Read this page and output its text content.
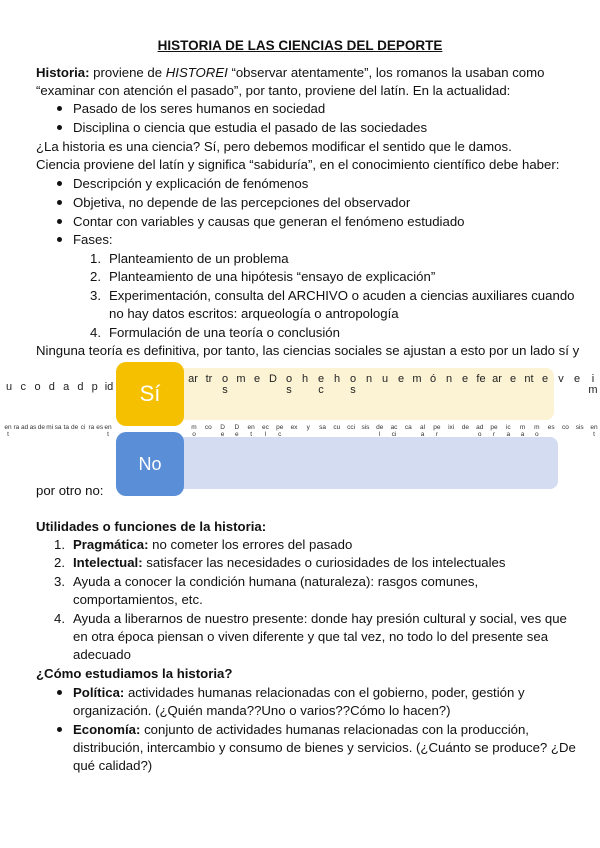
HISTORIA DE LAS CIENCIAS DEL DEPORTE
Historia: proviene de HISTOREI “observar atentamente”, los romanos la usaban como
“examinar con atención el pasado”, por tanto, proviene del latín. En la actualidad:
Pasado de los seres humanos en sociedad
Disciplina o ciencia que estudia el pasado de las sociedades
¿La historia es una ciencia? Sí, pero debemos modificar el sentido que le damos.
Ciencia proviene del latín y significa “sabiduría”, en el conocimiento científico debe haber:
Descripción y explicación de fenómenos
Objetiva, no depende de las percepciones del observador
Contar con variables y causas que generan el fenómeno estudiado
Fases:
1. Planteamiento de un problema
2. Planteamiento de una hipótesis “ensayo de explicación”
3. Experimentación, consulta del ARCHIVO o acuden a ciencias auxiliares cuando
no hay datos escritos: arqueología o antropología
4. Formulación de una teoría o conclusión
Ninguna teoría es definitiva, por tanto, las ciencias sociales se ajustan a esto por un lado sí y
Sí
No
u c o d a d p id
ar tr os
m e D os
h ec
h os
n u e m ó n e fe ar e nt e v e	im
ent
ra ad as de mi sa ta de ci ra es ent
mo
co De
De
ent
ecl
pec
ex	y	sa cu cci sis del
acci
ca ala
per
ixi de ado
per
ica
ma
mo
es co sis ent
por otro no:
Utilidades o funciones de la historia:
1. Pragmática: no cometer los errores del pasado
2. Intelectual: satisfacer las necesidades o curiosidades de los intelectuales
3. Ayuda a conocer la condición humana (naturaleza): rasgos comunes,
comportamientos, etc.
4. Ayuda a liberarnos de nuestro presente: donde hay presión cultural y social, ves que
en otra época piensan o viven diferente y que tal vez, no todo lo del presente sea
adecuado
¿Cómo estudiamos la historia?
Política: actividades humanas relacionadas con el gobierno, poder, gestión y
organización. (¿Quién manda??Uno o varios??Cómo lo hacen?)
Economía: conjunto de actividades humanas relacionadas con la producción,
distribución, intercambio y consumo de bienes y servicios. (¿Cuánto se produce? ¿De
qué calidad?)
